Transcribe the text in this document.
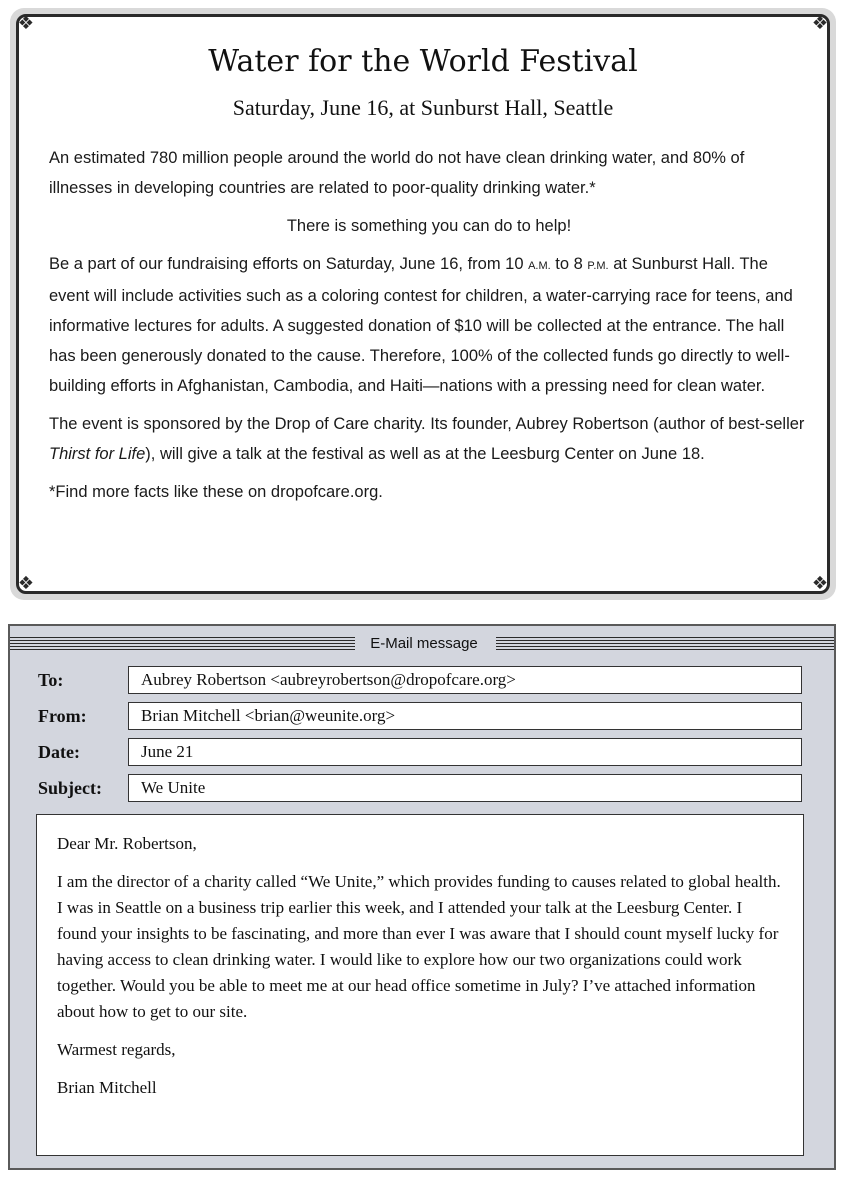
❖	❖
❖	❖
Water for the World Festival
Saturday, June 16, at Sunburst Hall, Seattle

An estimated 780 million people around the world do not have clean drinking water, and 80% of illnesses in developing countries are related to poor-quality drinking water.*

There is something you can do to help!

Be a part of our fundraising efforts on Saturday, June 16, from 10 A.M. to 8 P.M. at Sunburst Hall. The event will include activities such as a coloring contest for children, a water-carrying race for teens, and informative lectures for adults. A suggested donation of $10 will be collected at the entrance. The hall has been generously donated to the cause. Therefore, 100% of the collected funds go directly to well-building efforts in Afghanistan, Cambodia, and Haiti—nations with a pressing need for clean water.

The event is sponsored by the Drop of Care charity. Its founder, Aubrey Robertson (author of best-seller Thirst for Life), will give a talk at the festival as well as at the Leesburg Center on June 18.

*Find more facts like these on dropofcare.org.

E-Mail message
To:	Aubrey Robertson <aubreyrobertson@dropofcare.org>
From:	Brian Mitchell <brian@weunite.org>
Date:	June 21
Subject:	We Unite

Dear Mr. Robertson,

I am the director of a charity called “We Unite,” which provides funding to causes related to global health. I was in Seattle on a business trip earlier this week, and I attended your talk at the Leesburg Center. I found your insights to be fascinating, and more than ever I was aware that I should count myself lucky for having access to clean drinking water. I would like to explore how our two organizations could work together. Would you be able to meet me at our head office sometime in July? I’ve attached information about how to get to our site.

Warmest regards,

Brian Mitchell
